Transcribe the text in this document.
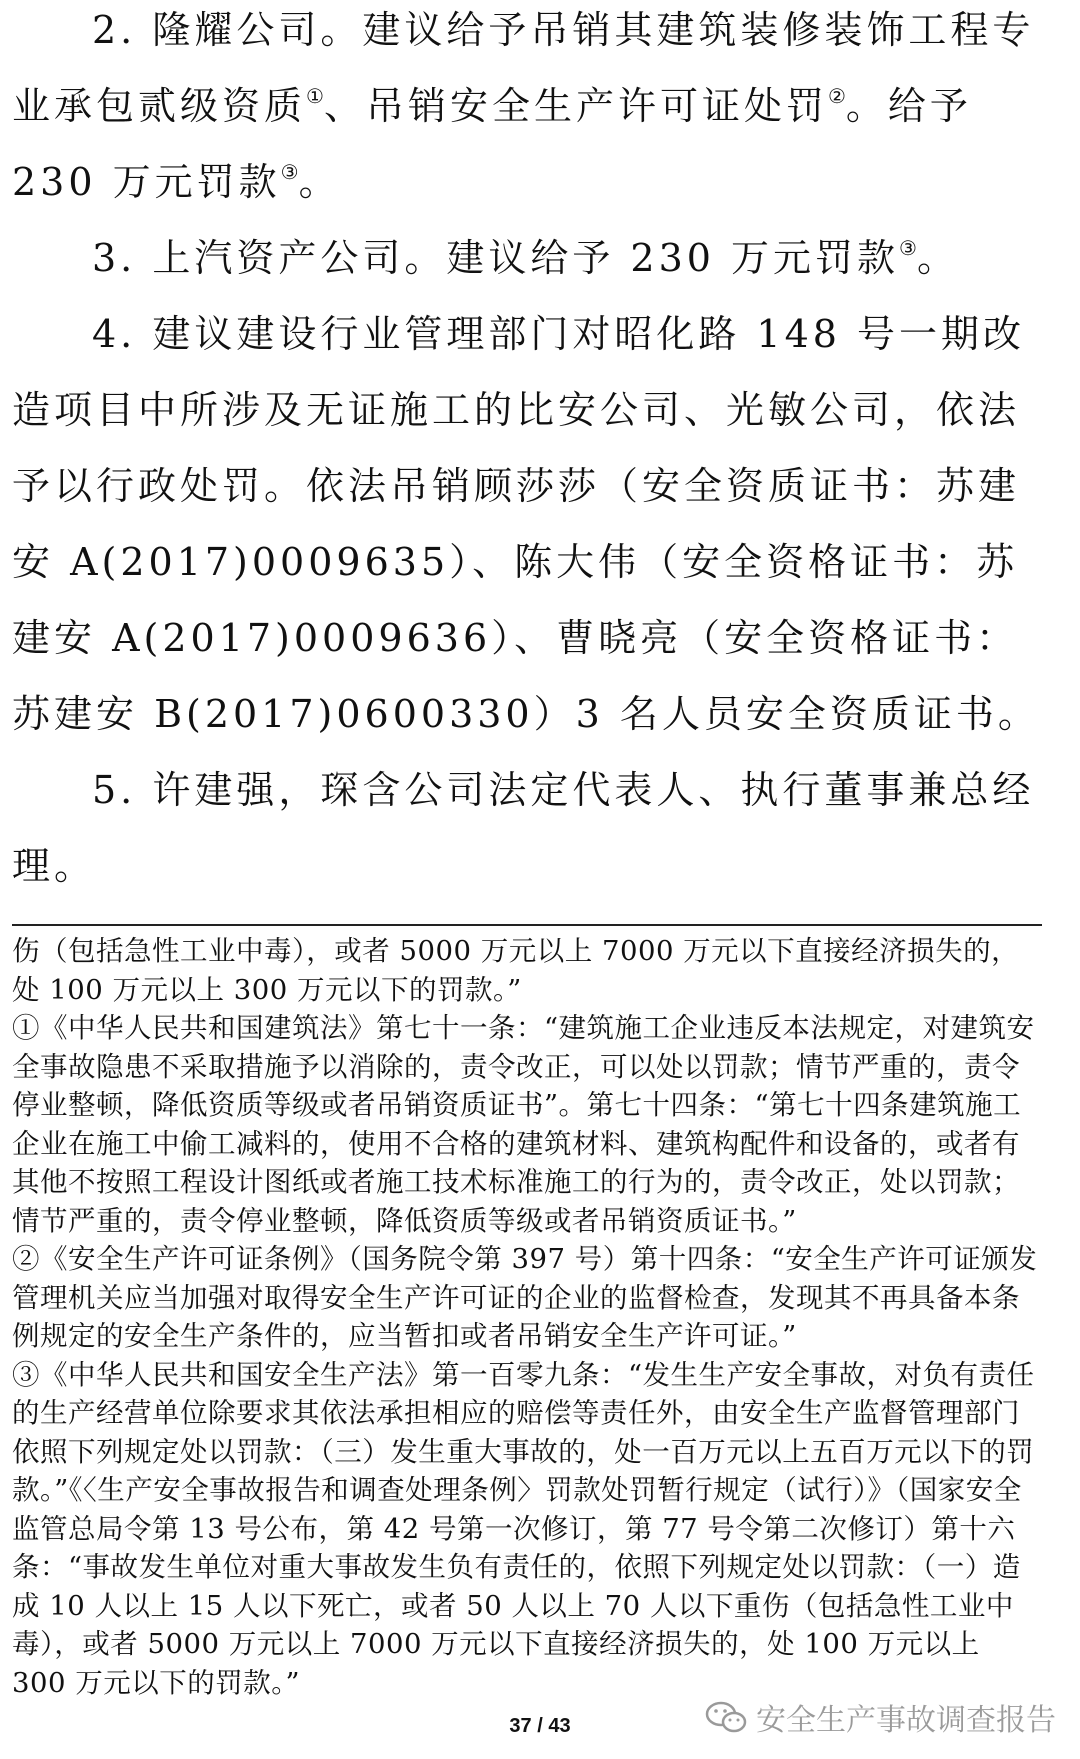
2. 隆耀公司。建议给予吊销其建筑装修装饰工程专业承包贰级资质①、吊销安全生产许可证处罚②。给予 230 万元罚款③。

3. 上汽资产公司。建议给予 230 万元罚款③。

4. 建议建设行业管理部门对昭化路 148 号一期改造项目中所涉及无证施工的比安公司、光敏公司，依法予以行政处罚。依法吊销顾莎莎（安全资质证书：苏建安 A(2017)0009635）、陈大伟（安全资格证书：苏建安 A(2017)0009636）、曹晓亮（安全资格证书：苏建安 B(2017)0600330）3 名人员安全资质证书。

5. 许建强，琛含公司法定代表人、执行董事兼总经理。

伤（包括急性工业中毒），或者 5000 万元以上 7000 万元以下直接经济损失的，处 100 万元以上 300 万元以下的罚款。”

①《中华人民共和国建筑法》第七十一条：“建筑施工企业违反本法规定，对建筑安全事故隐患不采取措施予以消除的，责令改正，可以处以罚款；情节严重的，责令停业整顿，降低资质等级或者吊销资质证书”。第七十四条：“第七十四条建筑施工企业在施工中偷工减料的，使用不合格的建筑材料、建筑构配件和设备的，或者有其他不按照工程设计图纸或者施工技术标准施工的行为的，责令改正，处以罚款；情节严重的，责令停业整顿，降低资质等级或者吊销资质证书。”

②《安全生产许可证条例》（国务院令第 397 号）第十四条：“安全生产许可证颁发管理机关应当加强对取得安全生产许可证的企业的监督检查，发现其不再具备本条例规定的安全生产条件的，应当暂扣或者吊销安全生产许可证。”

③《中华人民共和国安全生产法》第一百零九条：“发生生产安全事故，对负有责任的生产经营单位除要求其依法承担相应的赔偿等责任外，由安全生产监督管理部门依照下列规定处以罚款：（三）发生重大事故的，处一百万元以上五百万元以下的罚款。”《〈生产安全事故报告和调查处理条例〉罚款处罚暂行规定（试行）》（国家安全监管总局令第 13 号公布，第 42 号第一次修订，第 77 号令第二次修订）第十六条：“事故发生单位对重大事故发生负有责任的，依照下列规定处以罚款：（一）造成 10 人以上 15 人以下死亡，或者 50 人以上 70 人以下重伤（包括急性工业中毒），或者 5000 万元以上 7000 万元以下直接经济损失的，处 100 万元以上 300 万元以下的罚款。”

37 / 43	安全生产事故调查报告
